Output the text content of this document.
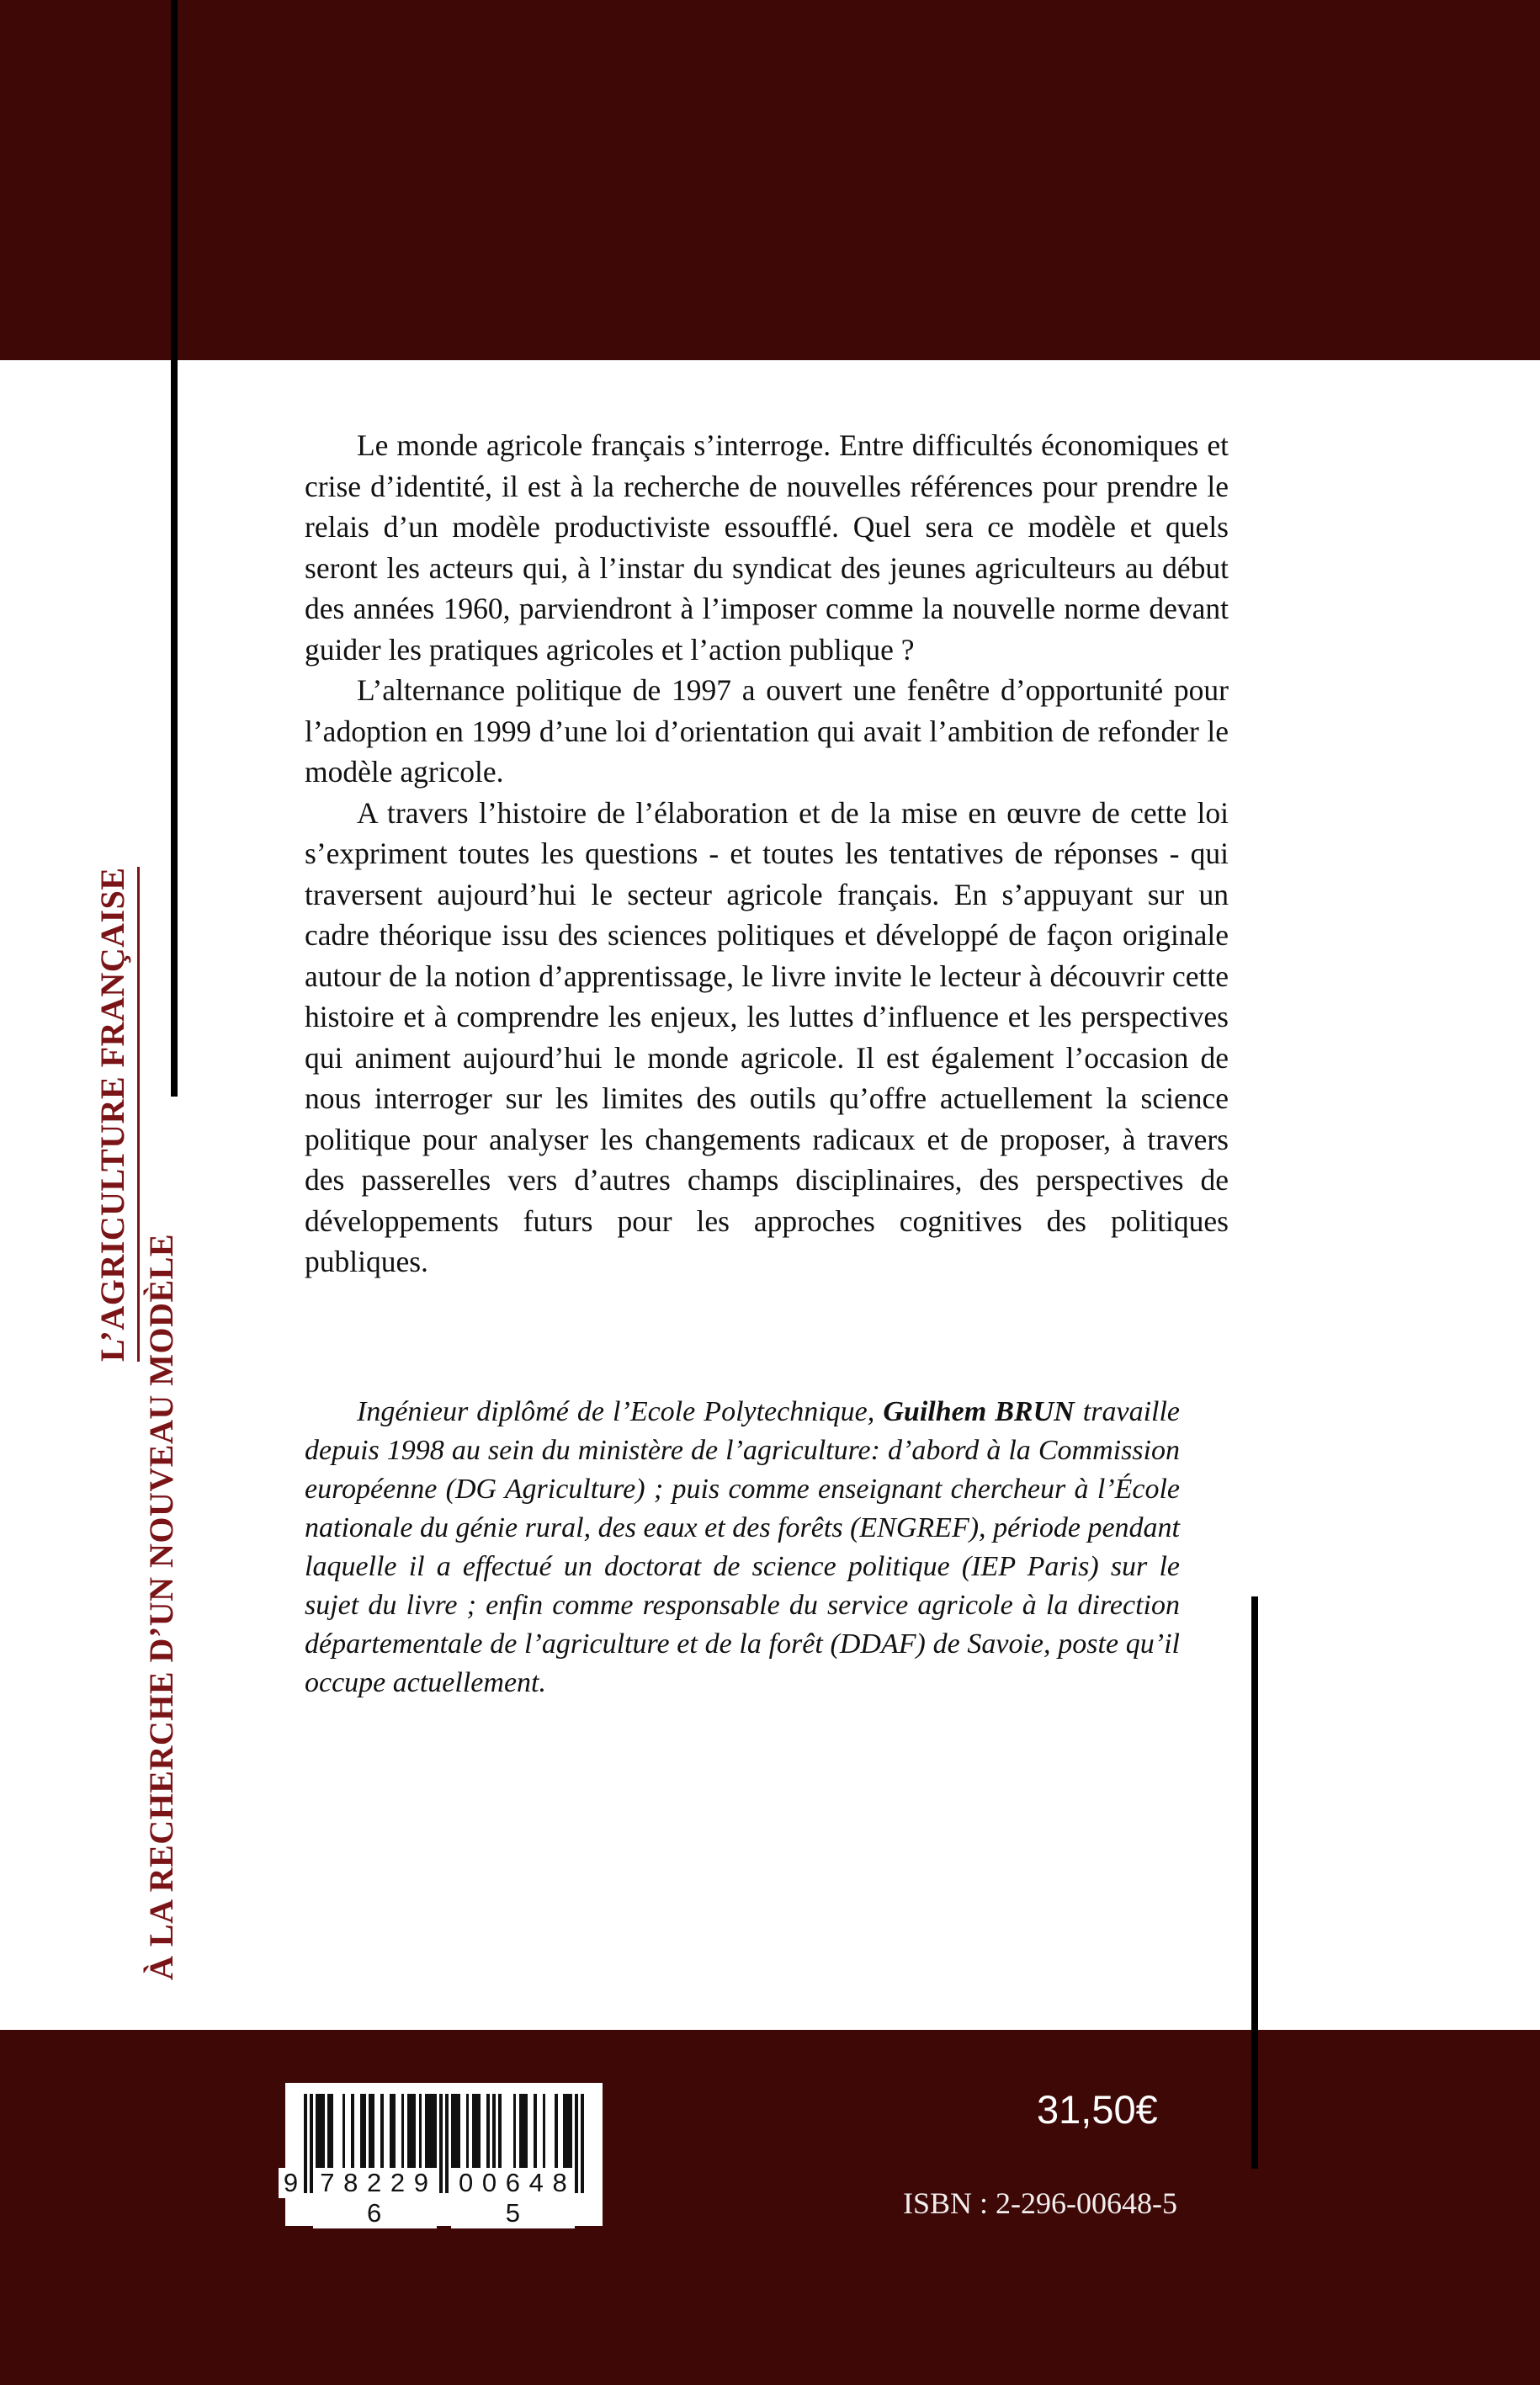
L’AGRICULTURE FRANÇAISE
À LA RECHERCHE D’UN NOUVEAU MODÈLE

Le monde agricole français s’interroge. Entre difficultés économiques et crise d’identité, il est à la recherche de nouvelles références pour prendre le relais d’un modèle productiviste essoufflé. Quel sera ce modèle et quels seront les acteurs qui, à l’instar du syndicat des jeunes agriculteurs au début des années 1960, parviendront à l’imposer comme la nouvelle norme devant guider les pratiques agricoles et l’action publique ?

L’alternance politique de 1997 a ouvert une fenêtre d’opportunité pour l’adoption en 1999 d’une loi d’orientation qui avait l’ambition de refonder le modèle agricole.

A travers l’histoire de l’élaboration et de la mise en œuvre de cette loi s’expriment toutes les questions - et toutes les tentatives de réponses - qui traversent aujourd’hui le secteur agricole français. En s’appuyant sur un cadre théorique issu des sciences politiques et développé de façon originale autour de la notion d’apprentissage, le livre invite le lecteur à découvrir cette histoire et à comprendre les enjeux, les luttes d’influence et les perspectives qui animent aujourd’hui le monde agricole. Il est également l’occasion de nous interroger sur les limites des outils qu’offre actuellement la science politique pour analyser les changements radicaux et de proposer, à travers des passerelles vers d’autres champs disciplinaires, des perspectives de développements futurs pour les approches cognitives des politiques publiques.

Ingénieur diplômé de l’Ecole Polytechnique, Guilhem BRUN travaille depuis 1998 au sein du ministère de l’agriculture: d’abord à la Commission européenne (DG Agriculture) ; puis comme enseignant chercheur à l’École nationale du génie rural, des eaux et des forêts (ENGREF), période pendant laquelle il a effectué un doctorat de science politique (IEP Paris) sur le sujet du livre ; enfin comme responsable du service agricole à la direction départementale de l’agriculture et de la forêt (DDAF) de Savoie, poste qu’il occupe actuellement.

9 7 8 2 2 9 6
0 0 6 4 8 5
31,50€
ISBN : 2-296-00648-5
